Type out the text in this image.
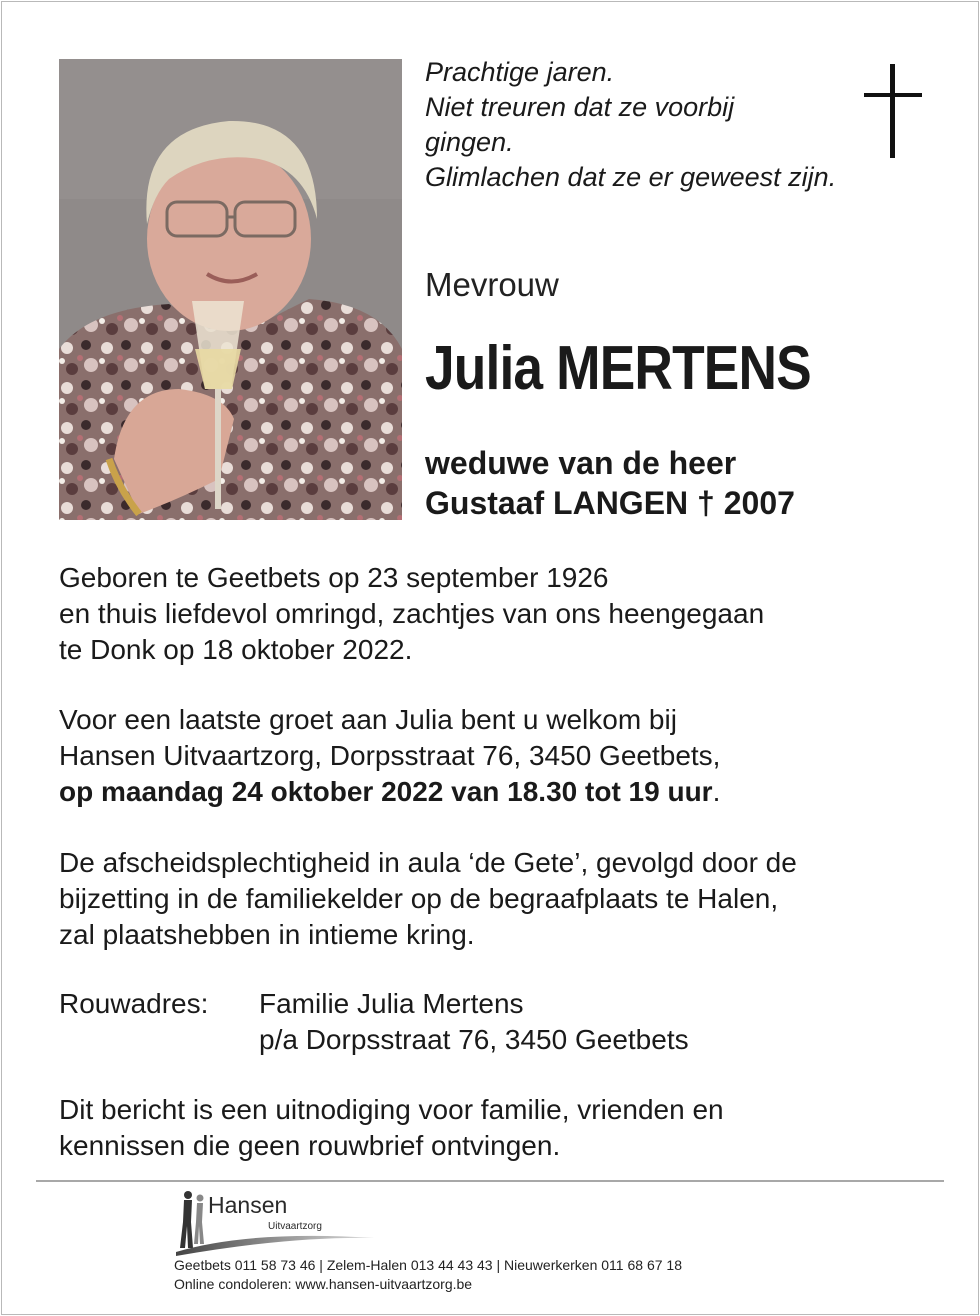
Prachtige jaren.
Niet treuren dat ze voorbij
gingen.
Glimlachen dat ze er geweest zijn.

Mevrouw

Julia MERTENS
weduwe van de heer
Gustaaf LANGEN † 2007
Geboren te Geetbets op 23 september 1926
en thuis liefdevol omringd, zachtjes van ons heengegaan
te Donk op 18 oktober 2022.
Voor een laatste groet aan Julia bent u welkom bij
Hansen Uitvaartzorg, Dorpsstraat 76, 3450 Geetbets,
op maandag 24 oktober 2022 van 18.30 tot 19 uur.
De afscheidsplechtigheid in aula ‘de Gete’, gevolgd door de
bijzetting in de familiekelder op de begraafplaats te Halen,
zal plaatshebben in intieme kring.
Rouwadres: Familie Julia Mertens
p/a Dorpsstraat 76, 3450 Geetbets
Dit bericht is een uitnodiging voor familie, vrienden en
kennissen die geen rouwbrief ontvingen.

Hansen

Uitvaartzorg

Geetbets 011 58 73 46 | Zelem-Halen 013 44 43 43 | Nieuwerkerken 011 68 67 18
Online condoleren: www.hansen-uitvaartzorg.be
